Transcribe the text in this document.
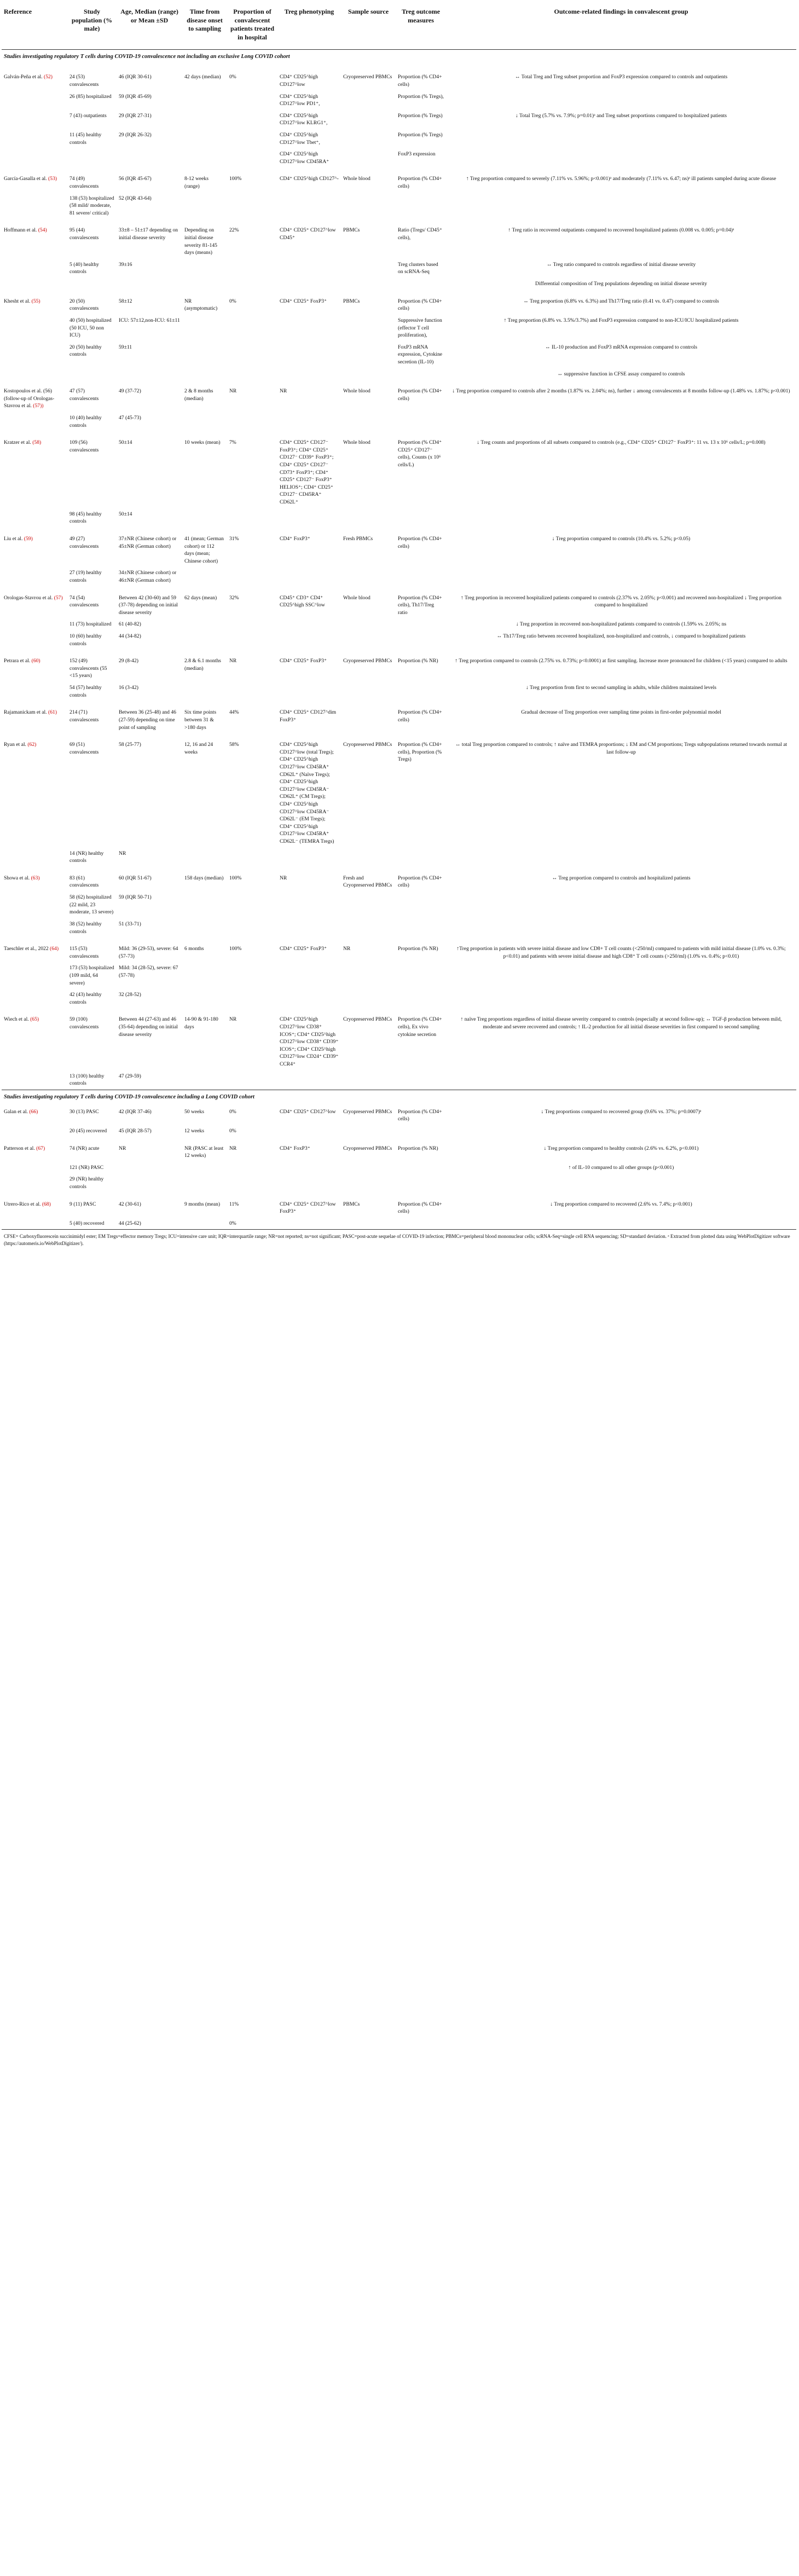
Reference	Study population (% male)	Age, Median (range) or Mean ±SD	Time from disease onset to sampling	Proportion of convalescent patients treated in hospital	Treg phenotyping	Sample source	Treg outcome measures	Outcome-related findings in convalescent group
Studies investigating regulatory T cells during COVID-19 convalescence not including an exclusive Long COVID cohort								
Galván-Peña et al. (52)	24 (53) convalescents	46 (IQR 30-61)	42 days (median)	0%	CD4⁺ CD25^high CD127^low	Cryopreserved PBMCs	Proportion (% CD4+ cells)	↔ Total Treg and Treg subset proportion and FoxP3 expression compared to controls and outpatients
	26 (85) hospitalized	59 (IQR 45-69)			CD4⁺ CD25^high CD127^low PD1⁺,		Proportion (% Tregs),	
	7 (43) outpatients	29 (IQR 27-31)			CD4⁺ CD25^high CD127^low KLRG1⁺,		Proportion (% Tregs)	↓ Total Treg (5.7% vs. 7.9%; p=0.01)ᵃ and Treg subset proportions compared to hospitalized patients
	11 (45) healthy controls	29 (IQR 26-32)			CD4⁺ CD25^high CD127^low Tbet⁺,		Proportion (% Tregs)	
					CD4⁺ CD25^high CD127^low CD45RA⁺		FoxP3 expression	
García-Gasalla et al. (53)	74 (49) convalescents	56 (IQR 45-67)	8-12 weeks (range)	100%	CD4⁺ CD25^high CD127^-	Whole blood	Proportion (% CD4+ cells)	↑ Treg proportion compared to severely (7.11% vs. 5.96%; p<0.001)ᵃ and moderately (7.11% vs. 6.47; ns)ᵃ ill patients sampled during acute disease
	138 (53) hospitalized (58 mild/ moderate, 81 severe/ critical)	52 (IQR 43-64)						
Hoffmann et al. (54)	95 (44) convalescents	33±8 – 51±17 depending on initial disease severity	Depending on initial disease severity 81-145 days (means)	22%	CD4⁺ CD25⁺ CD127^low CD45⁺	PBMCs	Ratio (Tregs/ CD45⁺ cells),	↑ Treg ratio in recovered outpatients compared to recovered hospitalized patients (0.008 vs. 0.005; p=0.04)ᵃ
	5 (40) healthy controls	39±16					Treg clusters based on scRNA-Seq	↔ Treg ratio compared to controls regardless of initial disease severity
								Differential composition of Treg populations depending on initial disease severity
Khesht et al. (55)	20 (50) convalescents	58±12	NR (asymptomatic)	0%	CD4⁺ CD25⁺ FoxP3⁺	PBMCs	Proportion (% CD4+ cells)	↔ Treg proportion (6.8% vs. 6.3%) and Th17/Treg ratio (0.41 vs. 0.47) compared to controls
	40 (50) hospitalized (50 ICU, 50 non ICU)	ICU: 57±12,non-ICU: 61±11					Suppressive function (effector T cell proliferation),	↑ Treg proportion (6.8% vs. 3.5%/3.7%) and FoxP3 expression compared to non-ICU/ICU hospitalized patients
	20 (50) healthy controls	59±11					FoxP3 mRNA expression, Cytokine secretion (IL-10)	↔ IL-10 production and FoxP3 mRNA expression compared to controls
								↔ suppressive function in CFSE assay compared to controls
Kostopoulos et al. (56) (follow-up of Orologas-Stavrou et al. (57))	47 (57) convalescents	49 (37-72)	2 & 8 months (median)	NR	NR	Whole blood	Proportion (% CD4+ cells)	↓ Treg proportion compared to controls after 2 months (1.87% vs. 2.04%; ns), further ↓ among convalescents at 8 months follow-up (1.48% vs. 1.87%; p<0.001)
	10 (40) healthy controls	47 (45-73)						
Kratzer et al. (58)	109 (56) convalescents	50±14	10 weeks (mean)	7%	CD4⁺ CD25⁺ CD127⁻ FoxP3⁺; CD4⁺ CD25⁺ CD127⁻ CD39⁺ FoxP3⁺; CD4⁺ CD25⁺ CD127⁻ CD73⁺ FoxP3⁺; CD4⁺ CD25⁺ CD127⁻ FoxP3⁺ HELIOS⁺; CD4⁺ CD25⁺ CD127⁻ CD45RA⁺ CD62L⁺	Whole blood	Proportion (% CD4⁺ CD25⁺ CD127⁻ cells), Counts (x 10⁶ cells/L)	↓ Treg counts and proportions of all subsets compared to controls (e.g., CD4⁺ CD25⁺ CD127⁻ FoxP3⁺: 11 vs. 13 x 10⁶ cells/L; p=0.008)
	98 (45) healthy controls	50±14						
Liu et al. (59)	49 (27) convalescents	37±NR (Chinese cohort) or 45±NR (German cohort)	41 (mean; German cohort) or 112 days (mean; Chinese cohort)	31%	CD4⁺ FoxP3⁺	Fresh PBMCs	Proportion (% CD4+ cells)	↓ Treg proportion compared to controls (10.4% vs. 5.2%; p<0.05)
	27 (19) healthy controls	34±NR (Chinese cohort) or 46±NR (German cohort)						
Orologas-Stavrou et al. (57)	74 (54) convalescents	Between 42 (30-60) and 59 (37-78) depending on initial disease severity	62 days (mean)	32%	CD45⁺ CD3⁺ CD4⁺ CD25^high SSC^low	Whole blood	Proportion (% CD4+ cells), Th17/Treg ratio	↑ Treg proportion in recovered hospitalized patients compared to controls (2.37% vs. 2.05%; p<0.001) and recovered non-hospitalized ↓ Treg proportion compared to hospitalized
	11 (73) hospitalized	61 (40-82)						↓ Treg proportion in recovered non-hospitalized patients compared to controls (1.59% vs. 2.05%; ns
	10 (60) healthy controls	44 (34-82)						↔ Th17/Treg ratio between recovered hospitalized, non-hospitalized and controls, ↓ compared to hospitalized patients
Petrara et al. (60)	152 (49) convalescents (55 <15 years)	29 (8-42)	2.8 & 6.1 months (median)	NR	CD4⁺ CD25⁺ FoxP3⁺	Cryopreserved PBMCs	Proportion (% NR)	↑ Treg proportion compared to controls (2.75% vs. 0.73%; p<0.0001) at first sampling. Increase more pronounced for children (<15 years) compared to adults
	54 (57) healthy controls	16 (3-42)						↓ Treg proportion from first to second sampling in adults, while children maintained levels
Rajamanickam et al. (61)	214 (71) convalescents	Between 36 (25-48) and 46 (27-59) depending on time point of sampling	Six time points between 31 & >180 days	44%	CD4⁺ CD25⁺ CD127^dim FoxP3⁺		Proportion (% CD4+ cells)	Gradual decrease of Treg proportion over sampling time points in first-order polynomial model
Ryan et al. (62)	69 (51) convalescents	58 (25-77)	12, 16 and 24 weeks	58%	CD4⁺ CD25^high CD127^low (total Tregs); CD4⁺ CD25^high CD127^low CD45RA⁺ CD62L⁺ (Naïve Tregs); CD4⁺ CD25^high CD127^low CD45RA⁻ CD62L⁺ (CM Tregs); CD4⁺ CD25^high CD127^low CD45RA⁻ CD62L⁻ (EM Tregs); CD4⁺ CD25^high CD127^low CD45RA⁺ CD62L⁻ (TEMRA Tregs)	Cryopreserved PBMCs	Proportion (% CD4+ cells), Proportion (% Tregs)	↔ total Treg proportion compared to controls; ↑ naïve and TEMRA proportions; ↓ EM and CM proportions; Tregs subpopulations returned towards normal at last follow-up
	14 (NR) healthy controls	NR						
Showa et al. (63)	83 (61) convalescents	60 (IQR 51-67)	158 days (median)	100%	NR	Fresh and Cryopreserved PBMCs	Proportion (% CD4+ cells)	↔ Treg proportion compared to controls and hospitalized patients
	58 (62) hospitalized (22 mild, 23 moderate, 13 severe)	59 (IQR 50-71)						
	38 (52) healthy controls	51 (33-71)						
Taeschler et al., 2022 (64)	115 (53) convalescents	Mild: 36 (29-53), severe: 64 (57-73)	6 months	100%	CD4⁺ CD25⁺ FoxP3⁺	NR	Proportion (% NR)	↑Treg proportion in patients with severe initial disease and low CD8+ T cell counts (<250/ml) compared to patients with mild initial disease (1.0% vs. 0.3%; p<0.01) and patients with severe initial disease and high CD8⁺ T cell counts (>250/ml) (1.0% vs. 0.4%; p<0.01)
	173 (53) hospitalized (109 mild, 64 severe)	Mild: 34 (28-52), severe: 67 (57-78)						
	42 (43) healthy controls	32 (28-52)						
Wiech et al. (65)	59 (100) convalescents	Between 44 (27-63) and 46 (35-64) depending on initial disease severity	14-90 & 91-180 days	NR	CD4⁺ CD25^high CD127^low CD38⁺ ICOS⁺; CD4⁺ CD25^high CD127^low CD38⁺ CD39⁺ ICOS⁺; CD4⁺ CD25^high CD127^low CD24⁺ CD39⁺ CCR4⁺	Cryopreserved PBMCs	Proportion (% CD4+ cells), Ex vivo cytokine secretion	↑ naïve Treg proportions regardless of initial disease severity compared to controls (especially at second follow-up); ↔ TGF-β production between mild, moderate and severe recovered and controls; ↑ IL-2 production for all initial disease severities in first compared to second sampling
	13 (100) healthy controls	47 (29-59)						
Studies investigating regulatory T cells during COVID-19 convalescence including a Long COVID cohort								
Galan et al. (66)	30 (13) PASC	42 (IQR 37-46)	50 weeks	0%	CD4⁺ CD25⁺ CD127^low	Cryopreserved PBMCs	Proportion (% CD4+ cells)	↓ Treg proportions compared to recovered group (9.6% vs. 37%; p=0.0007)ᵃ
	20 (45) recovered	45 (IQR 28-57)	12 weeks	0%				
Patterson et al. (67)	74 (NR) acute	NR	NR (PASC at least 12 weeks)	NR	CD4⁺ FoxP3⁺	Cryopreserved PBMCs	Proportion (% NR)	↓ Treg proportion compared to healthy controls (2.6% vs. 6.2%, p<0.001)
	121 (NR) PASC							↑ of IL-10 compared to all other groups (p<0.001)
	29 (NR) healthy controls							
Utrero-Rico et al. (68)	9 (11) PASC	42 (30-61)	9 months (mean)	11%	CD4⁺ CD25⁺ CD127^low FoxP3⁺	PBMCs	Proportion (% CD4+ cells)	↓ Treg proportion compared to recovered (2.6% vs. 7.4%; p<0.001)
	5 (40) recovered	44 (25-62)		0%				
CFSE= Carboxyfluorescein succinimidyl ester; EM Tregs=effector memory Tregs; ICU=intensive care unit; IQR=interquartile range; NR=not reported; ns=not significant; PASC=post-acute sequelae of COVID-19 infection; PBMCs=peripheral blood mononuclear cells; scRNA-Seq=single cell RNA sequencing; SD=standard deviation. ᵃ Extracted from plotted data using WebPlotDigitizer software (https://automeris.io/WebPlotDigitizer/).								
